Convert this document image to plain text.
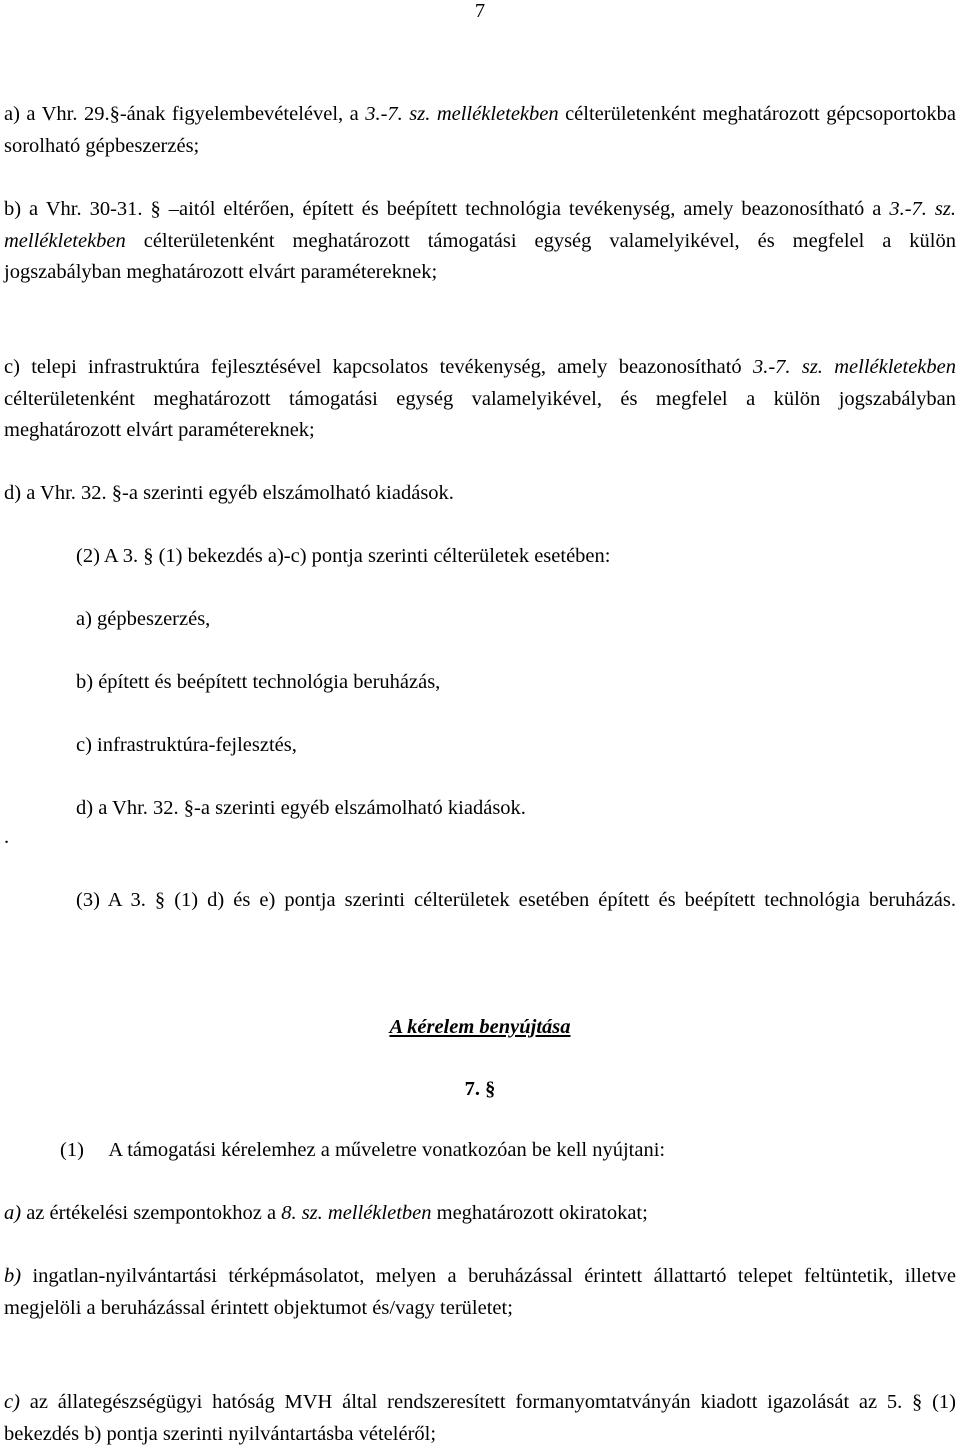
7

a) a Vhr. 29.§-ának figyelembevételével, a 3.-7. sz. mellékletekben célterületenként meghatározott gépcsoportokba sorolható gépbeszerzés;

b) a Vhr. 30-31. § –aitól eltérően, épített és beépített technológia tevékenység, amely beazonosítható a 3.-7. sz. mellékletekben célterületenként meghatározott támogatási egység valamelyikével, és megfelel a külön jogszabályban meghatározott elvárt paramétereknek;

c) telepi infrastruktúra fejlesztésével kapcsolatos tevékenység, amely beazonosítható 3.-7. sz. mellékletekben célterületenként meghatározott támogatási egység valamelyikével, és megfelel a külön jogszabályban meghatározott elvárt paramétereknek;

d) a Vhr. 32. §-a szerinti egyéb elszámolható kiadások.

(2) A 3. § (1) bekezdés a)-c) pontja szerinti célterületek esetében:

a) gépbeszerzés,

b) épített és beépített technológia beruházás,

c) infrastruktúra-fejlesztés,

d) a Vhr. 32. §-a szerinti egyéb elszámolható kiadások.

.

(3) A 3. § (1) d) és e) pontja szerinti célterületek esetében épített és beépített technológia beruházás.

A kérelem benyújtása

7. §

(1)     A támogatási kérelemhez a műveletre vonatkozóan be kell nyújtani:

a) az értékelési szempontokhoz a 8. sz. mellékletben meghatározott okiratokat;

b) ingatlan-nyilvántartási térképmásolatot, melyen a beruházással érintett állattartó telepet feltüntetik, illetve megjelöli a beruházással érintett objektumot és/vagy területet;

c) az állategészségügyi hatóság MVH által rendszeresített formanyomtatványán kiadott igazolását az 5. § (1) bekezdés b) pontja szerinti nyilvántartásba vételéről;
